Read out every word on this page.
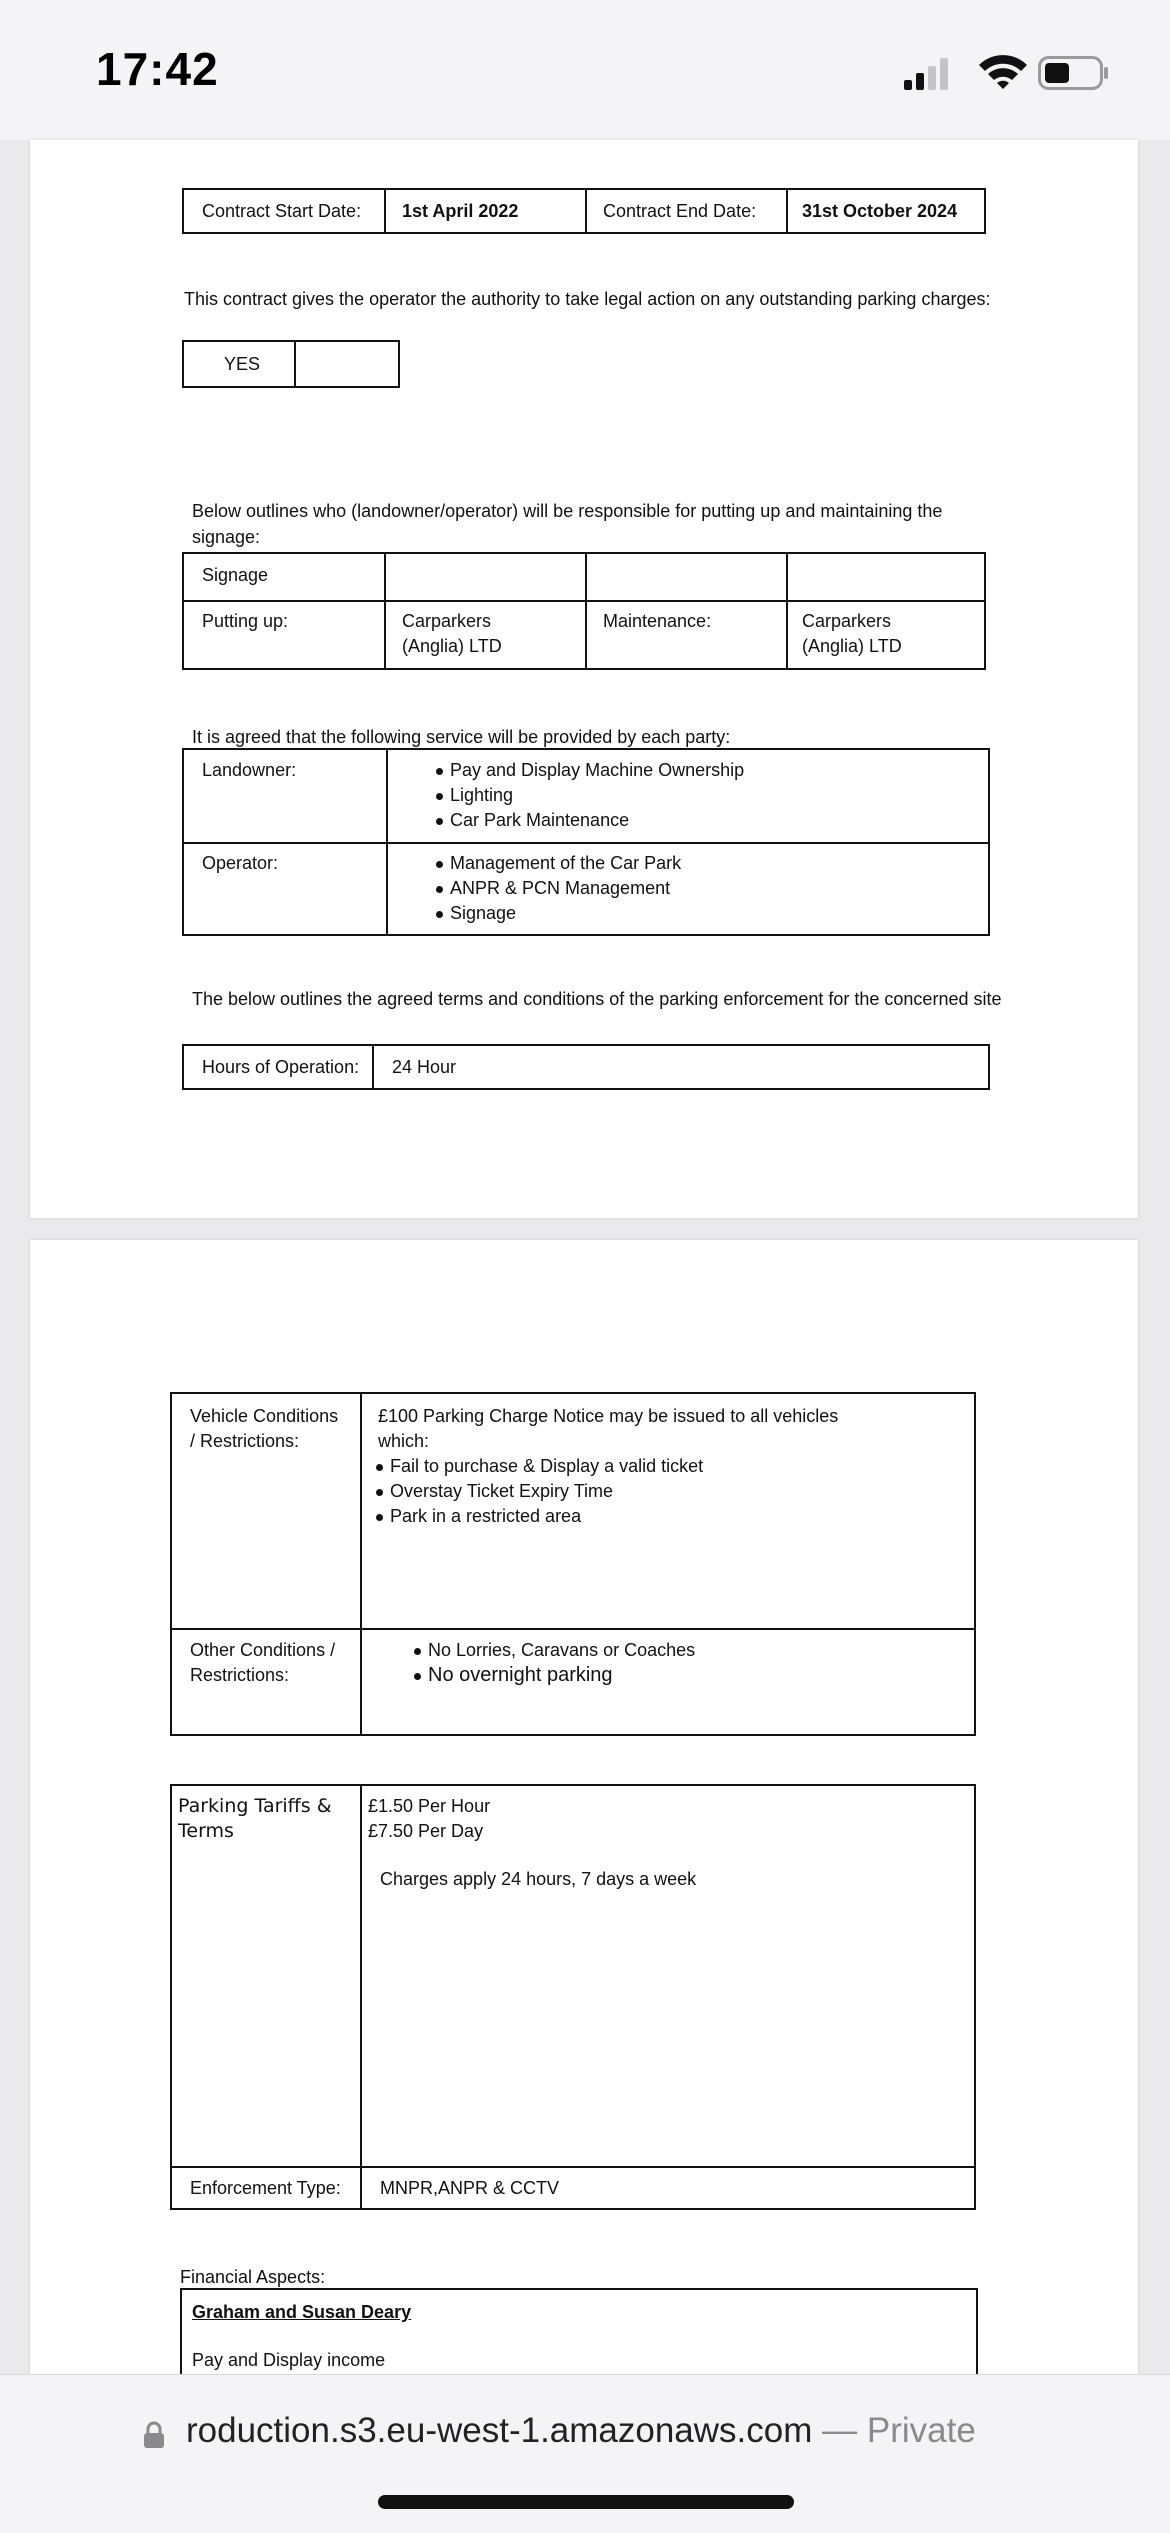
17:42
Contract Start Date: 1st April 2022	Contract End Date:	31st October 2024
This contract gives the operator the authority to take legal action on any outstanding parking charges:
YES
Below outlines who (landowner/operator) will be responsible for putting up and maintaining the signage:
Signage
Putting up:	Carparkers (Anglia) LTD
Maintenance:	Carparkers (Anglia) LTD
It is agreed that the following service will be provided by each party:
Landowner:	Pay and Display Machine Ownership
Lighting
Car Park Maintenance
Operator:	Management of the Car Park
ANPR & PCN Management
Signage
The below outlines the agreed terms and conditions of the parking enforcement for the concerned site
Hours of Operation: 24 Hour
Vehicle Conditions / Restrictions:
£100 Parking Charge Notice may be issued to all vehicles which:
Fail to purchase & Display a valid ticket
Overstay Ticket Expiry Time
Park in a restricted area
Other Conditions / Restrictions:
No Lorries, Caravans or Coaches
No overnight parking
Parking Tariffs & Terms
£1.50 Per Hour
£7.50 Per Day
Charges apply 24 hours, 7 days a week
Enforcement Type: MNPR,ANPR & CCTV
Financial Aspects:
Graham and Susan Deary
Pay and Display income
roduction.s3.eu-west-1.amazonaws.com — Private
